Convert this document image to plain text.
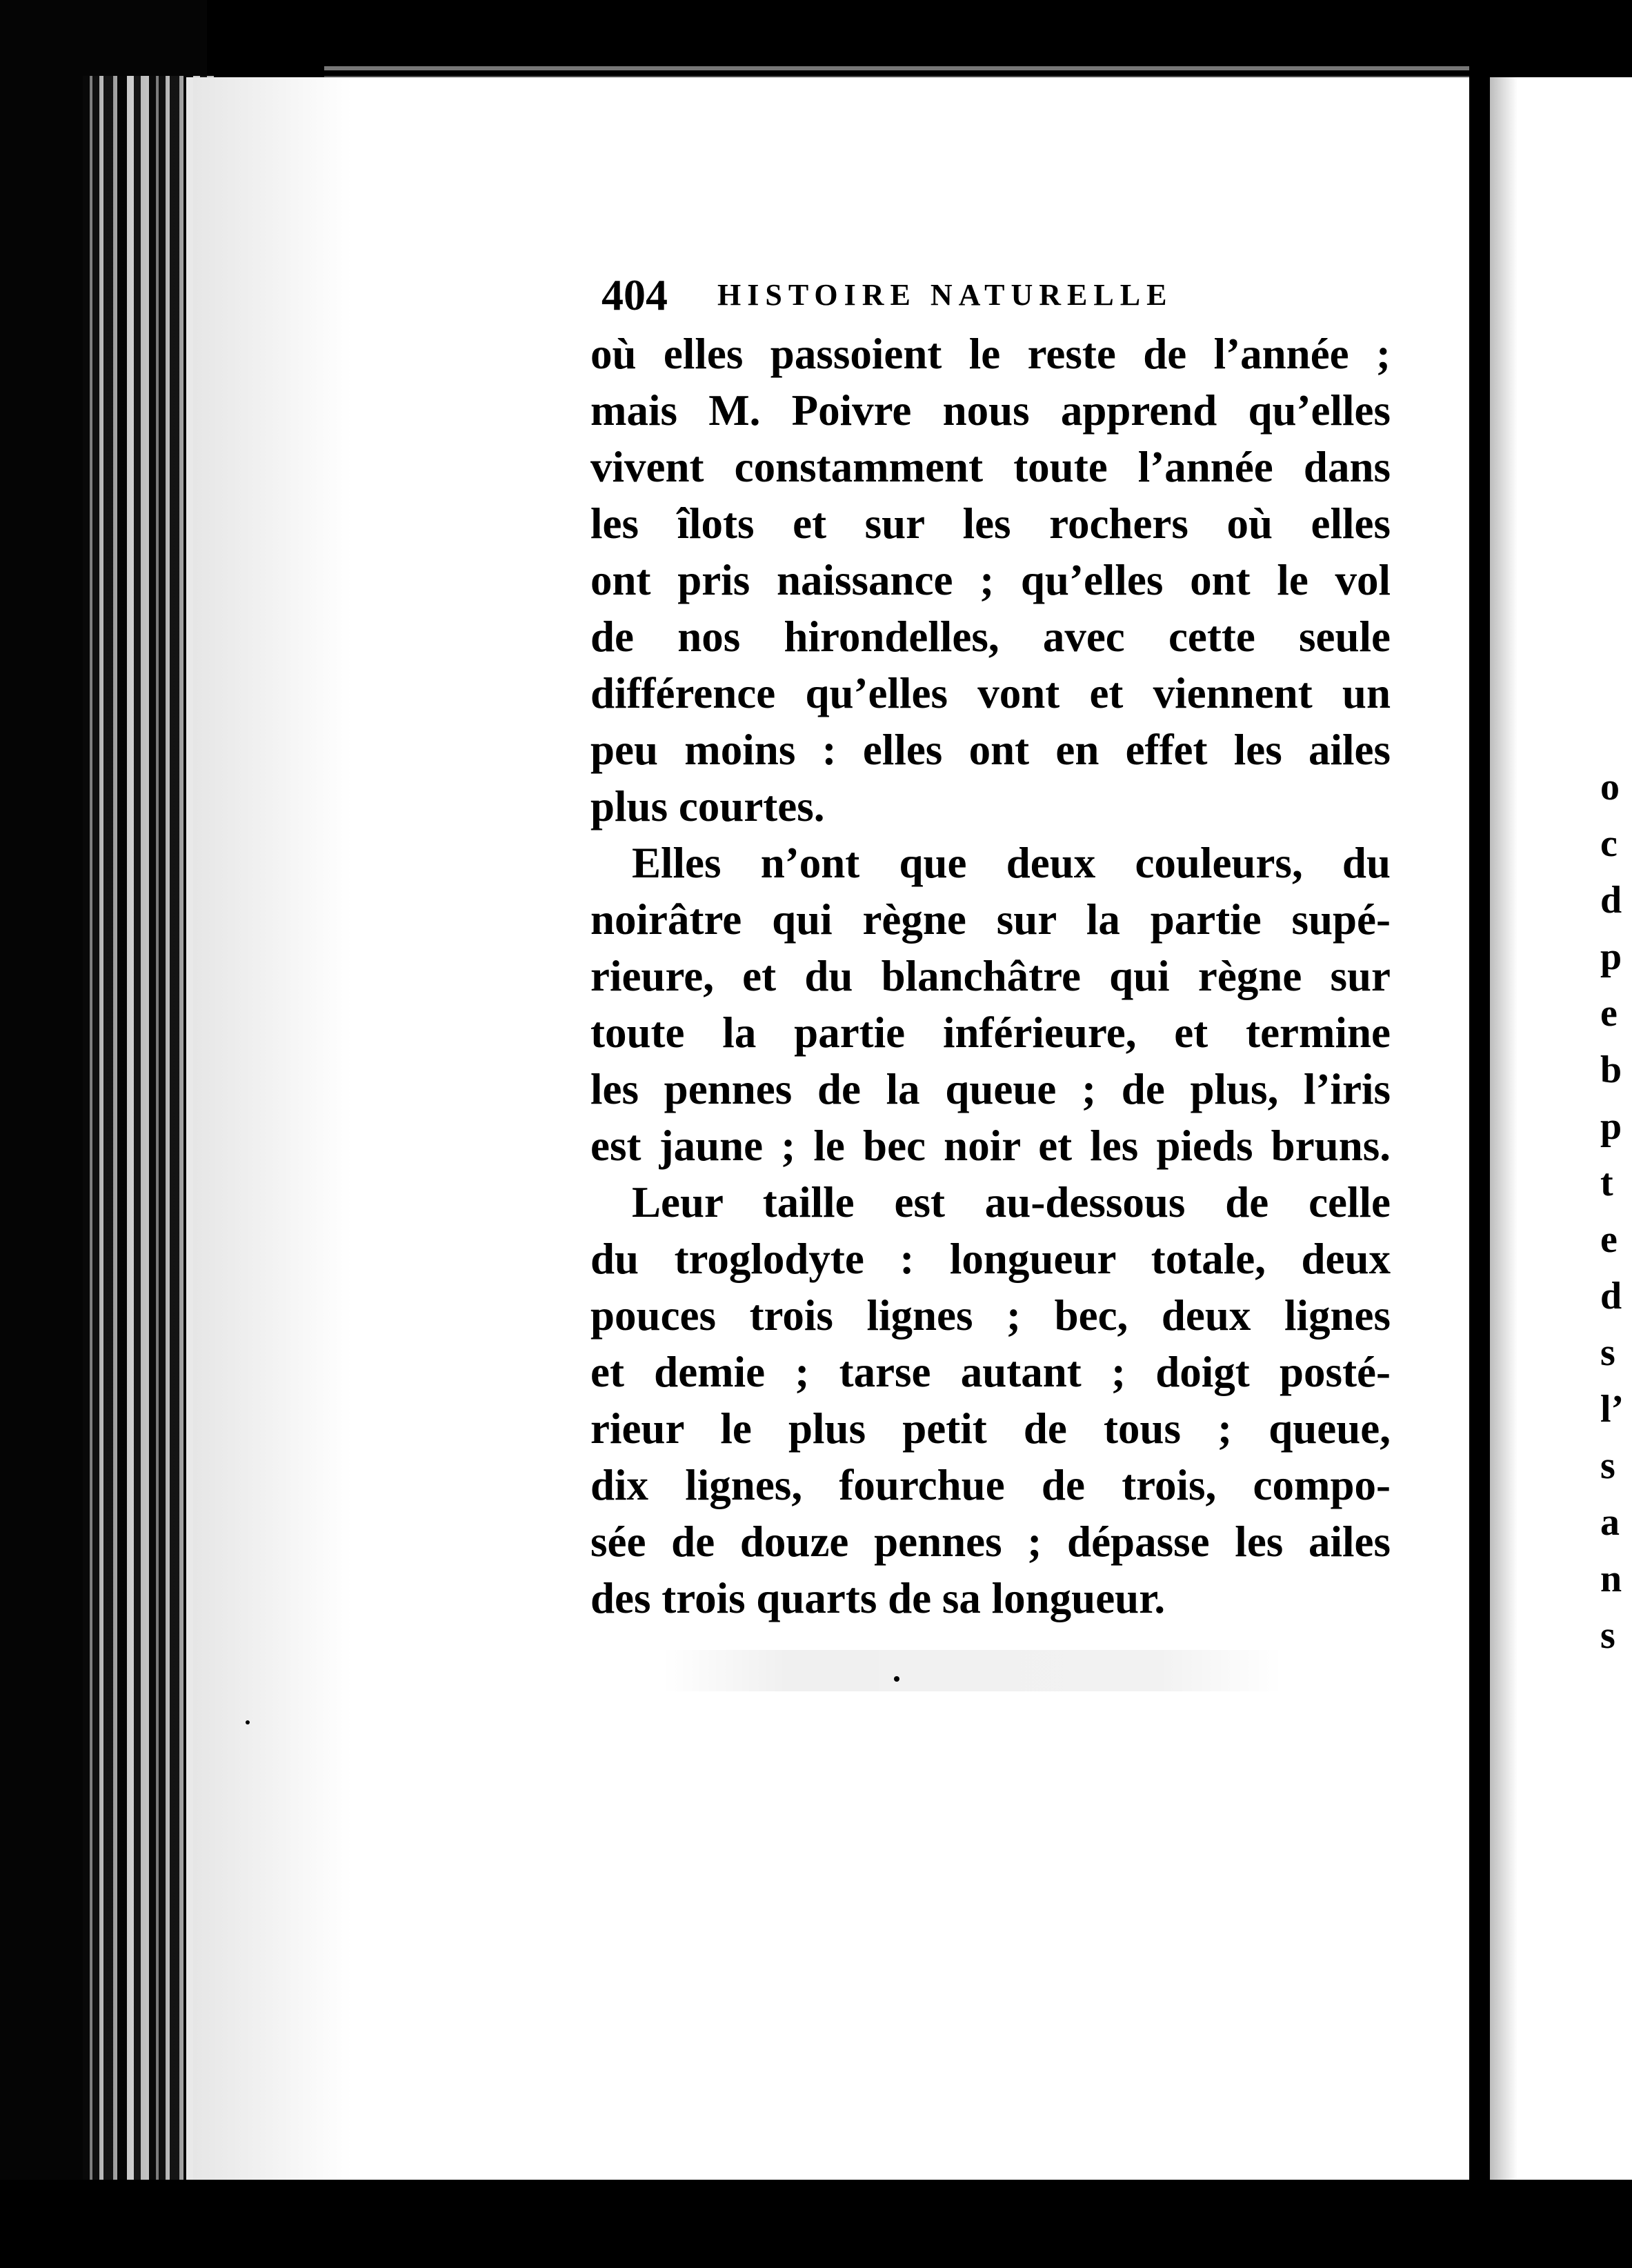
404 HISTOIRE NATURELLE
où elles passoient le reste de l’année ;
mais M. Poivre nous apprend qu’elles
vivent constamment toute l’année dans
les îlots et sur les rochers où elles
ont pris naissance ; qu’elles ont le vol
de nos hirondelles, avec cette seule
différence qu’elles vont et viennent un
peu moins : elles ont en effet les ailes
plus courtes.
Elles n’ont que deux couleurs, du
noirâtre qui règne sur la partie supé-
rieure, et du blanchâtre qui règne sur
toute la partie inférieure, et termine
les pennes de la queue ; de plus, l’iris
est jaune ; le bec noir et les pieds bruns.
Leur taille est au-dessous de celle
du troglodyte : longueur totale, deux
pouces trois lignes ; bec, deux lignes
et demie ; tarse autant ; doigt posté-
rieur le plus petit de tous ; queue,
dix lignes, fourchue de trois, compo-
sée de douze pennes ; dépasse les ailes
des trois quarts de sa longueur.
o
c
d
p
e
b
p
t
e
d
s
l’
s
a
n
s
